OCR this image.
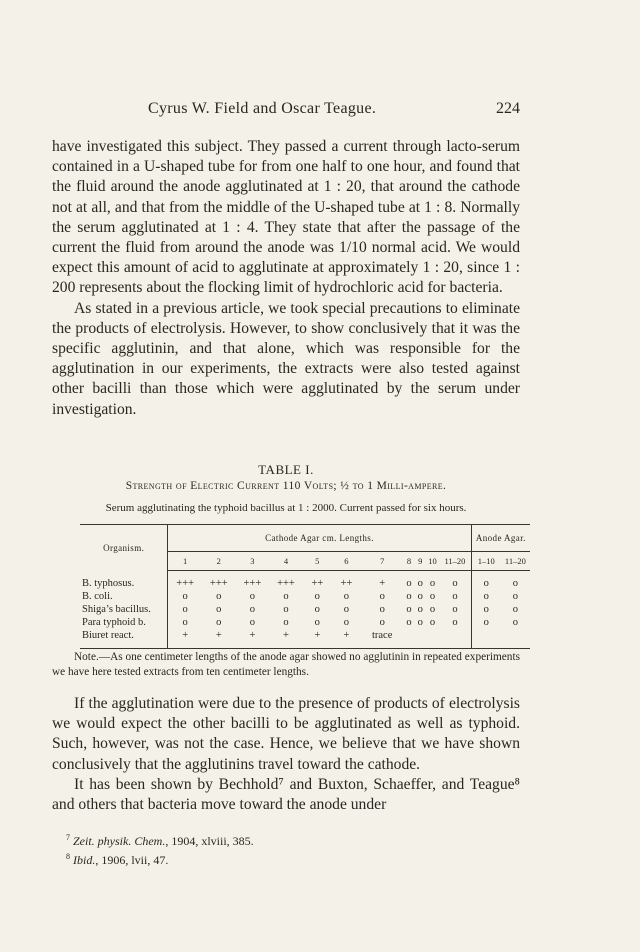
Cyrus W. Field and Oscar Teague.	224

have investigated this subject. They passed a current through lacto-serum contained in a U-shaped tube for from one half to one hour, and found that the fluid around the anode agglutinated at 1 : 20, that around the cathode not at all, and that from the middle of the U-shaped tube at 1 : 8. Normally the serum agglutinated at 1 : 4. They state that after the passage of the current the fluid from around the anode was 1/10 normal acid. We would expect this amount of acid to agglutinate at approximately 1 : 20, since 1 : 200 represents about the flocking limit of hydrochloric acid for bacteria.

As stated in a previous article, we took special precautions to eliminate the products of electrolysis. However, to show conclusively that it was the specific agglutinin, and that alone, which was responsible for the agglutination in our experiments, the extracts were also tested against other bacilli than those which were agglutinated by the serum under investigation.

TABLE I.
Strength of Electric Current 110 Volts; ½ to 1 Milli-ampere.
Serum agglutinating the typhoid bacillus at 1 : 2000. Current passed for six hours.
Organism.	Cathode Agar cm. Lengths.											Anode Agar.	
	1	2	3	4	5	6	7	8	9	10	11–20	1–10	11–20

B. typhosus.	+++	+++	+++	+++	++	++	+	o	o	o	o	o	o
B. coli.	o	o	o	o	o	o	o	o	o	o	o	o	o
Shiga’s bacillus.	o	o	o	o	o	o	o	o	o	o	o	o	o
Para typhoid b.	o	o	o	o	o	o	o	o	o	o	o	o	o
Biuret react.	+	+	+	+	+	+	trace						

Note.—As one centimeter lengths of the anode agar showed no agglutinin in repeated experiments we have here tested extracts from ten centimeter lengths.

If the agglutination were due to the presence of products of electrolysis we would expect the other bacilli to be agglutinated as well as typhoid. Such, however, was not the case. Hence, we believe that we have shown conclusively that the agglutinins travel toward the cathode.

It has been shown by Bechhold⁷ and Buxton, Schaeffer, and Teague⁸ and others that bacteria move toward the anode under

$^7$ Zeit. physik. Chem., 1904, xlviii, 385.
$^8$ Ibid., 1906, lvii, 47.
